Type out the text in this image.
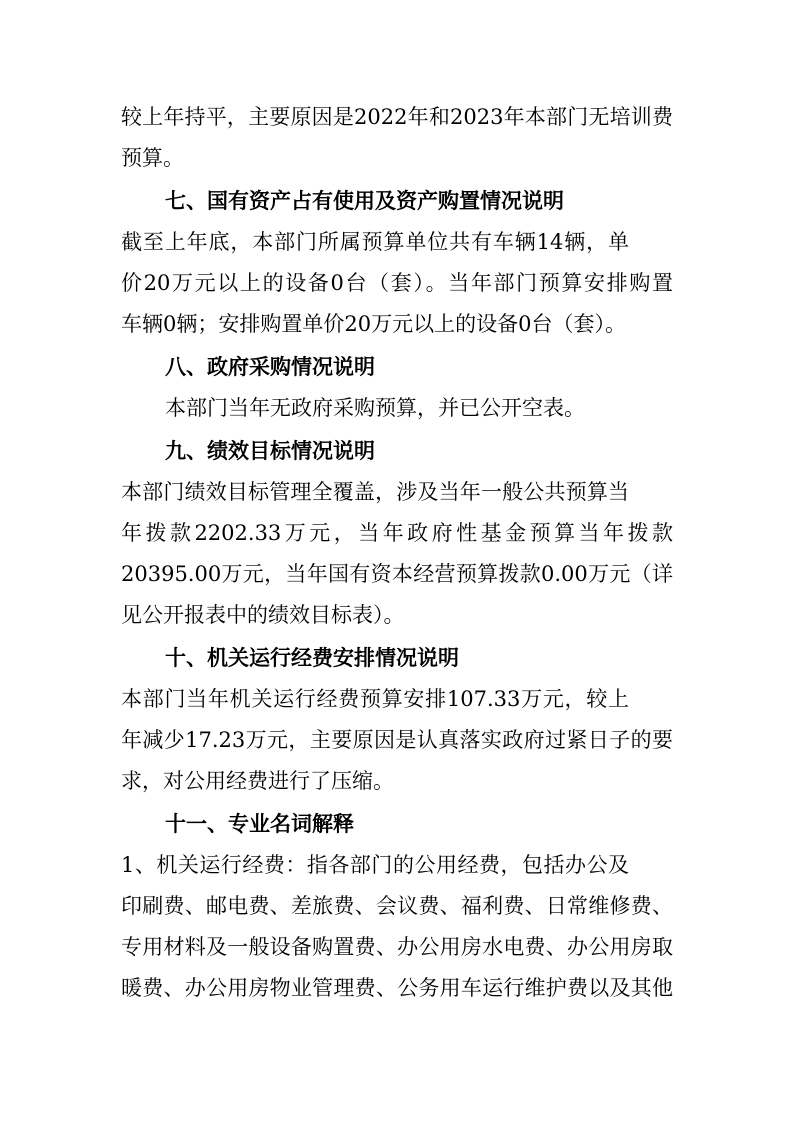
较上年持平，主要原因是2022年和2023年本部门无培训费
预算。
七、国有资产占有使用及资产购置情况说明
截至上年底，本部门所属预算单位共有车辆14辆，单
价20万元以上的设备0台（套）。当年部门预算安排购置
车辆0辆；安排购置单价20万元以上的设备0台（套）。
八、政府采购情况说明
本部门当年无政府采购预算，并已公开空表。
九、绩效目标情况说明
本部门绩效目标管理全覆盖，涉及当年一般公共预算当
年拨款2202.33万元，当年政府性基金预算当年拨款
20395.00万元，当年国有资本经营预算拨款0.00万元（详
见公开报表中的绩效目标表）。
十、机关运行经费安排情况说明
本部门当年机关运行经费预算安排107.33万元，较上
年减少17.23万元，主要原因是认真落实政府过紧日子的要
求，对公用经费进行了压缩。
十一、专业名词解释
1、机关运行经费：指各部门的公用经费，包括办公及
印刷费、邮电费、差旅费、会议费、福利费、日常维修费、
专用材料及一般设备购置费、办公用房水电费、办公用房取
暖费、办公用房物业管理费、公务用车运行维护费以及其他
